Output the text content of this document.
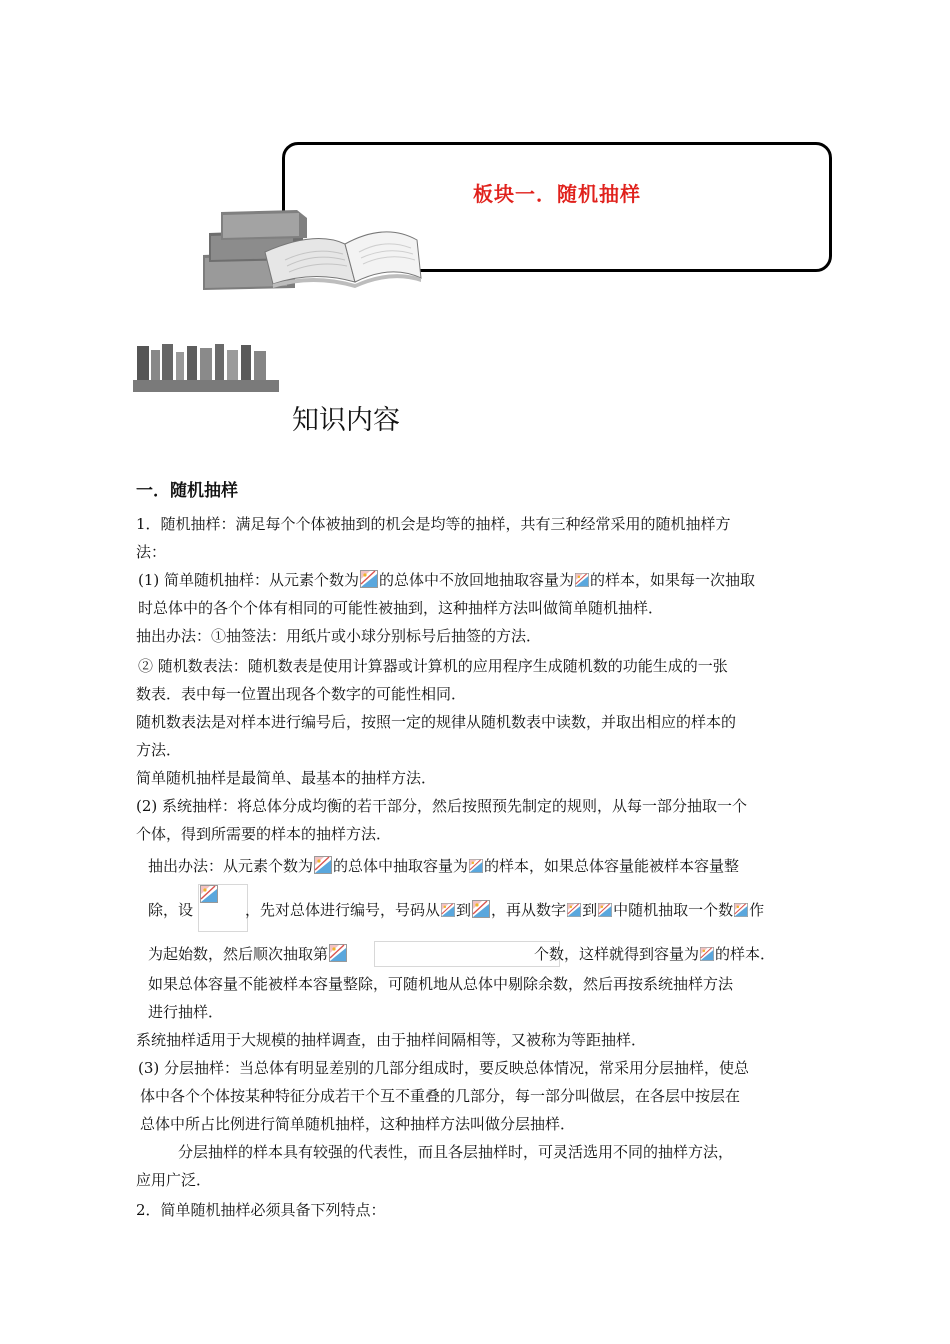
板块一．随机抽样
知识内容
一．随机抽样
1．随机抽样：满足每个个体被抽到的机会是均等的抽样，共有三种经常采用的随机抽样方
法：
(1) 简单随机抽样：从元素个数为 的总体中不放回地抽取容量为 的样本，如果每一次抽取
时总体中的各个个体有相同的可能性被抽到，这种抽样方法叫做简单随机抽样．
抽出办法：①抽签法：用纸片或小球分别标号后抽签的方法．
② 随机数表法：随机数表是使用计算器或计算机的应用程序生成随机数的功能生成的一张
数表．表中每一位置出现各个数字的可能性相同．
随机数表法是对样本进行编号后，按照一定的规律从随机数表中读数，并取出相应的样本的
方法．
简单随机抽样是最简单、最基本的抽样方法．
(2) 系统抽样：将总体分成均衡的若干部分，然后按照预先制定的规则，从每一部分抽取一个
个体，得到所需要的样本的抽样方法．
抽出办法：从元素个数为 的总体中抽取容量为 的样本，如果总体容量能被样本容量整
除，设	，先对总体进行编号，号码从 到 ，再从数字 到 中随机抽取一个数 作
为起始数，然后顺次抽取第	个数，这样就得到容量为 的样本．
如果总体容量不能被样本容量整除，可随机地从总体中剔除余数，然后再按系统抽样方法
进行抽样．
系统抽样适用于大规模的抽样调查，由于抽样间隔相等，又被称为等距抽样．
(3) 分层抽样：当总体有明显差别的几部分组成时，要反映总体情况，常采用分层抽样，使总
体中各个个体按某种特征分成若干个互不重叠的几部分，每一部分叫做层，在各层中按层在
总体中所占比例进行简单随机抽样，这种抽样方法叫做分层抽样．
分层抽样的样本具有较强的代表性，而且各层抽样时，可灵活选用不同的抽样方法，
应用广泛．
2．简单随机抽样必须具备下列特点：
